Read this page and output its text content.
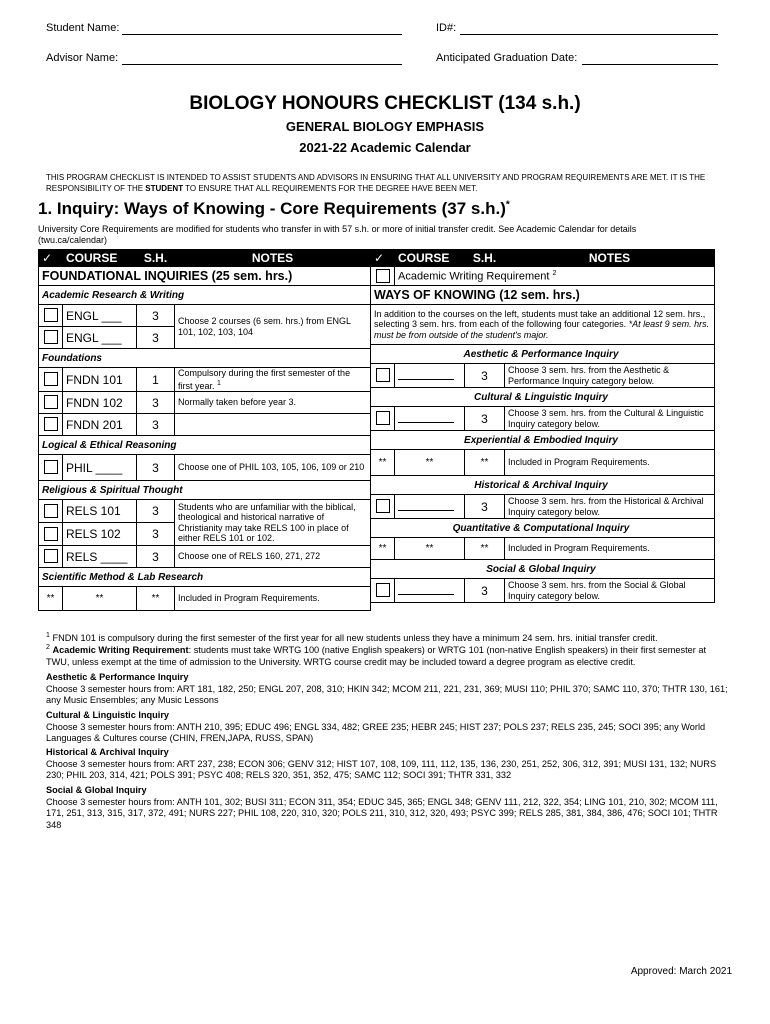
Student Name:	ID#:
Advisor Name:	Anticipated Graduation Date:
BIOLOGY HONOURS CHECKLIST (134 s.h.)
GENERAL BIOLOGY EMPHASIS
2021-22 Academic Calendar
THIS PROGRAM CHECKLIST IS INTENDED TO ASSIST STUDENTS AND ADVISORS IN ENSURING THAT ALL UNIVERSITY AND PROGRAM REQUIREMENTS ARE MET. IT IS THE
RESPONSIBILITY OF THE STUDENT TO ENSURE THAT ALL REQUIREMENTS FOR THE DEGREE HAVE BEEN MET.
1. Inquiry: Ways of Knowing - Core Requirements (37 s.h.)*
University Core Requirements are modified for students who transfer in with 57 s.h. or more of initial transfer credit. See Academic Calendar for details
(twu.ca/calendar)
✓	COURSE	S.H.	NOTES
FOUNDATIONAL INQUIRIES (25 sem. hrs.)			
Academic Research & Writing			
	ENGL ___	3	Choose 2 courses (6 sem. hrs.) from ENGL 101, 102, 103, 104
	ENGL ___	3	
Foundations			
	FNDN 101	1	Compulsory during the first semester of the first year. $^1$
	FNDN 102	3	Normally taken before year 3.
	FNDN 201	3	
Logical & Ethical Reasoning			
	PHIL ____	3	Choose one of PHIL 103, 105, 106, 109 or 210
Religious & Spiritual Thought			
	RELS 101	3	Students who are unfamiliar with the biblical, theological and historical narrative of Christianity may take RELS 100 in place of either RELS 101 or 102.
	RELS 102	3	
	RELS ____	3	Choose one of RELS 160, 271, 272
Scientific Method & Lab Research			
**	**	**	Included in Program Requirements.
✓	COURSE	S.H.	NOTES
	Academic Writing Requirement $^2$
WAYS OF KNOWING (12 sem. hrs.)			
In addition to the courses on the left, students must take an additional 12 sem. hrs., selecting 3 sem. hrs. from each of the following four categories. *At least 9 sem. hrs. must be from outside of the student's major.			
Aesthetic & Performance Inquiry			
		3	Choose 3 sem. hrs. from the Aesthetic & Performance Inquiry category below.
Cultural & Linguistic Inquiry			
		3	Choose 3 sem. hrs. from the Cultural & Linguistic Inquiry category below.
Experiential & Embodied Inquiry			
**	**	**	Included in Program Requirements.
Historical & Archival Inquiry			
		3	Choose 3 sem. hrs. from the Historical & Archival Inquiry category below.
Quantitative & Computational Inquiry			
**	**	**	Included in Program Requirements.
Social & Global Inquiry			
		3	Choose 3 sem. hrs. from the Social & Global Inquiry category below.
$^1$ FNDN 101 is compulsory during the first semester of the first year for all new students unless they have a minimum 24 sem. hrs. initial transfer credit.
$^2$ Academic Writing Requirement: students must take WRTG 100 (native English speakers) or WRTG 101 (non-native English speakers) in their first semester at TWU, unless exempt at the time of admission to the University. WRTG course credit may be included toward a degree program as elective credit.
Aesthetic & Performance Inquiry
Choose 3 semester hours from: ART 181, 182, 250; ENGL 207, 208, 310; HKIN 342; MCOM 211, 221, 231, 369; MUSI 110; PHIL 370; SAMC 110, 370; THTR 130, 161; any Music Ensembles; any Music Lessons
Cultural & Linguistic Inquiry
Choose 3 semester hours from: ANTH 210, 395; EDUC 496; ENGL 334, 482; GREE 235; HEBR 245; HIST 237; POLS 237; RELS 235, 245; SOCI 395; any World Languages & Cultures course (CHIN, FREN,JAPA, RUSS, SPAN)
Historical & Archival Inquiry
Choose 3 semester hours from: ART 237, 238; ECON 306; GENV 312; HIST 107, 108, 109, 111, 112, 135, 136, 230, 251, 252, 306, 312, 391; MUSI 131, 132; NURS 230; PHIL 203, 314, 421; POLS 391; PSYC 408; RELS 320, 351, 352, 475; SAMC 112; SOCI 391; THTR 331, 332
Social & Global Inquiry
Choose 3 semester hours from: ANTH 101, 302; BUSI 311; ECON 311, 354; EDUC 345, 365; ENGL 348; GENV 111, 212, 322, 354; LING 101, 210, 302; MCOM 111, 171, 251, 313, 315, 317, 372, 491; NURS 227; PHIL 108, 220, 310, 320; POLS 211, 310, 312, 320, 493; PSYC 399; RELS 285, 381, 384, 386, 476; SOCI 101; THTR 348
Approved: March 2021
